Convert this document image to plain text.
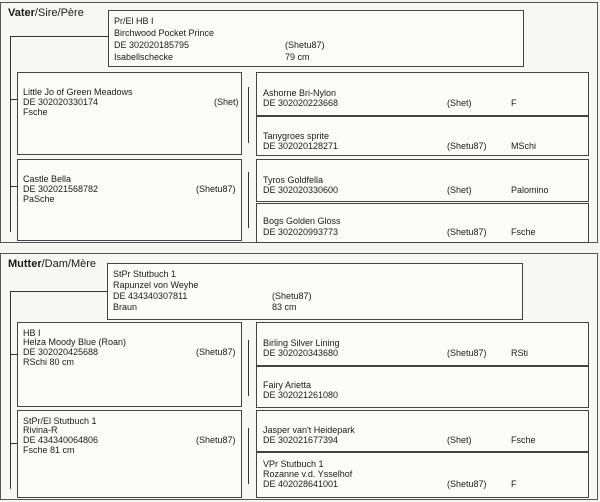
Vater/Sire/Père
Pr/El HB I
Birchwood Pocket Prince
DE 302020185795	(Shetu87)
Isabellschecke	79 cm
Little Jo of Green Meadows
DE 302020330174	(Shet)
Fsche
Castle Bella
DE 302021568782	(Shetu87)
PaSche
Ashorne Bri-Nylon
DE 302020223668	(Shet)	F
Tanygroes sprite
DE 302020128271	(Shetu87)	MSchi
Tyros Goldfella
DE 302020330600	(Shet)	Palomino
Bogs Golden Gloss
DE 302020993773	(Shetu87)	Fsche
Mutter/Dam/Mère
StPr Stutbuch 1
Rapunzel von Weyhe
DE 434340307811	(Shetu87)
Braun	83 cm
HB I
Helza Moody Blue (Roan)
DE 302020425688	(Shetu87)
RSchi 80 cm
StPr/El Stutbuch 1
Rivina-R
DE 434340064806	(Shetu87)
Fsche 81 cm
Birling Silver Lining
DE 302020343680	(Shetu87)	RSti
Fairy Arietta
DE 302021261080
Jasper van't Heidepark
DE 302021677394	(Shet)	Fsche
VPr Stutbuch 1
Rozanne v.d. Ysselhof
DE 402028641001	(Shetu87)	F
